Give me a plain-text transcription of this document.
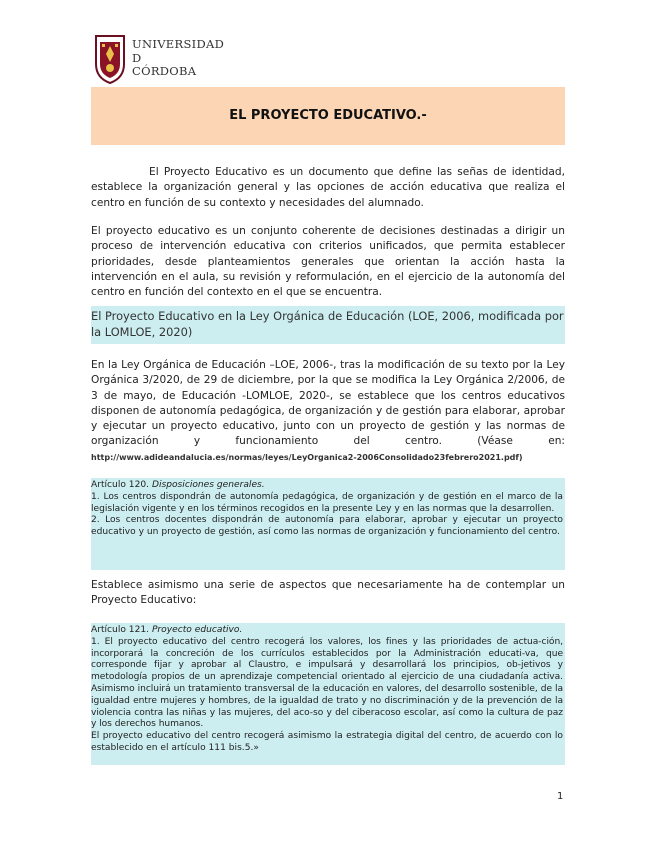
UNIVERSIDAD
D
CÓRDOBA
EL PROYECTO EDUCATIVO.-
El Proyecto Educativo es un documento que define las señas de identidad, establece la organización general y las opciones de acción educativa que realiza el centro en función de su contexto y necesidades del alumnado.
El proyecto educativo es un conjunto coherente de decisiones destinadas a dirigir un proceso de intervención educativa con criterios unificados, que permita establecer prioridades, desde planteamientos generales que orientan la acción hasta la intervención en el aula, su revisión y reformulación, en el ejercicio de la autonomía del centro en función del contexto en el que se encuentra.
El Proyecto Educativo en la Ley Orgánica de Educación (LOE, 2006, modificada por la LOMLOE, 2020)
En la Ley Orgánica de Educación –LOE, 2006-, tras la modificación de su texto por la Ley Orgánica 3/2020, de 29 de diciembre, por la que se modifica la Ley Orgánica 2/2006, de 3 de mayo, de Educación -LOMLOE, 2020-, se establece que los centros educativos disponen de autonomía pedagógica, de organización y de gestión para elaborar, aprobar y ejecutar un proyecto educativo, junto con un proyecto de gestión y las normas de organización y funcionamiento del centro. (Véase en: http://www.adideandalucia.es/normas/leyes/LeyOrganica2-2006Consolidado23febrero2021.pdf)
Artículo 120. Disposiciones generales.
1. Los centros dispondrán de autonomía pedagógica, de organización y de gestión en el marco de la legislación vigente y en los términos recogidos en la presente Ley y en las normas que la desarrollen.
2. Los centros docentes dispondrán de autonomía para elaborar, aprobar y ejecutar un proyecto educativo y un proyecto de gestión, así como las normas de organización y funcionamiento del centro.
Establece asimismo una serie de aspectos que necesariamente ha de contemplar un Proyecto Educativo:
Artículo 121. Proyecto educativo.
1. El proyecto educativo del centro recogerá los valores, los fines y las prioridades de actua-ción, incorporará la concreción de los currículos establecidos por la Administración educati-va, que corresponde fijar y aprobar al Claustro, e impulsará y desarrollará los principios, ob-jetivos y metodología propios de un aprendizaje competencial orientado al ejercicio de una ciudadanía activa. Asimismo incluirá un tratamiento transversal de la educación en valores, del desarrollo sostenible, de la igualdad entre mujeres y hombres, de la igualdad de trato y no discriminación y de la prevención de la violencia contra las niñas y las mujeres, del aco-so y del ciberacoso escolar, así como la cultura de paz y los derechos humanos.
El proyecto educativo del centro recogerá asimismo la estrategia digital del centro, de acuerdo con lo establecido en el artículo 111 bis.5.»
1
